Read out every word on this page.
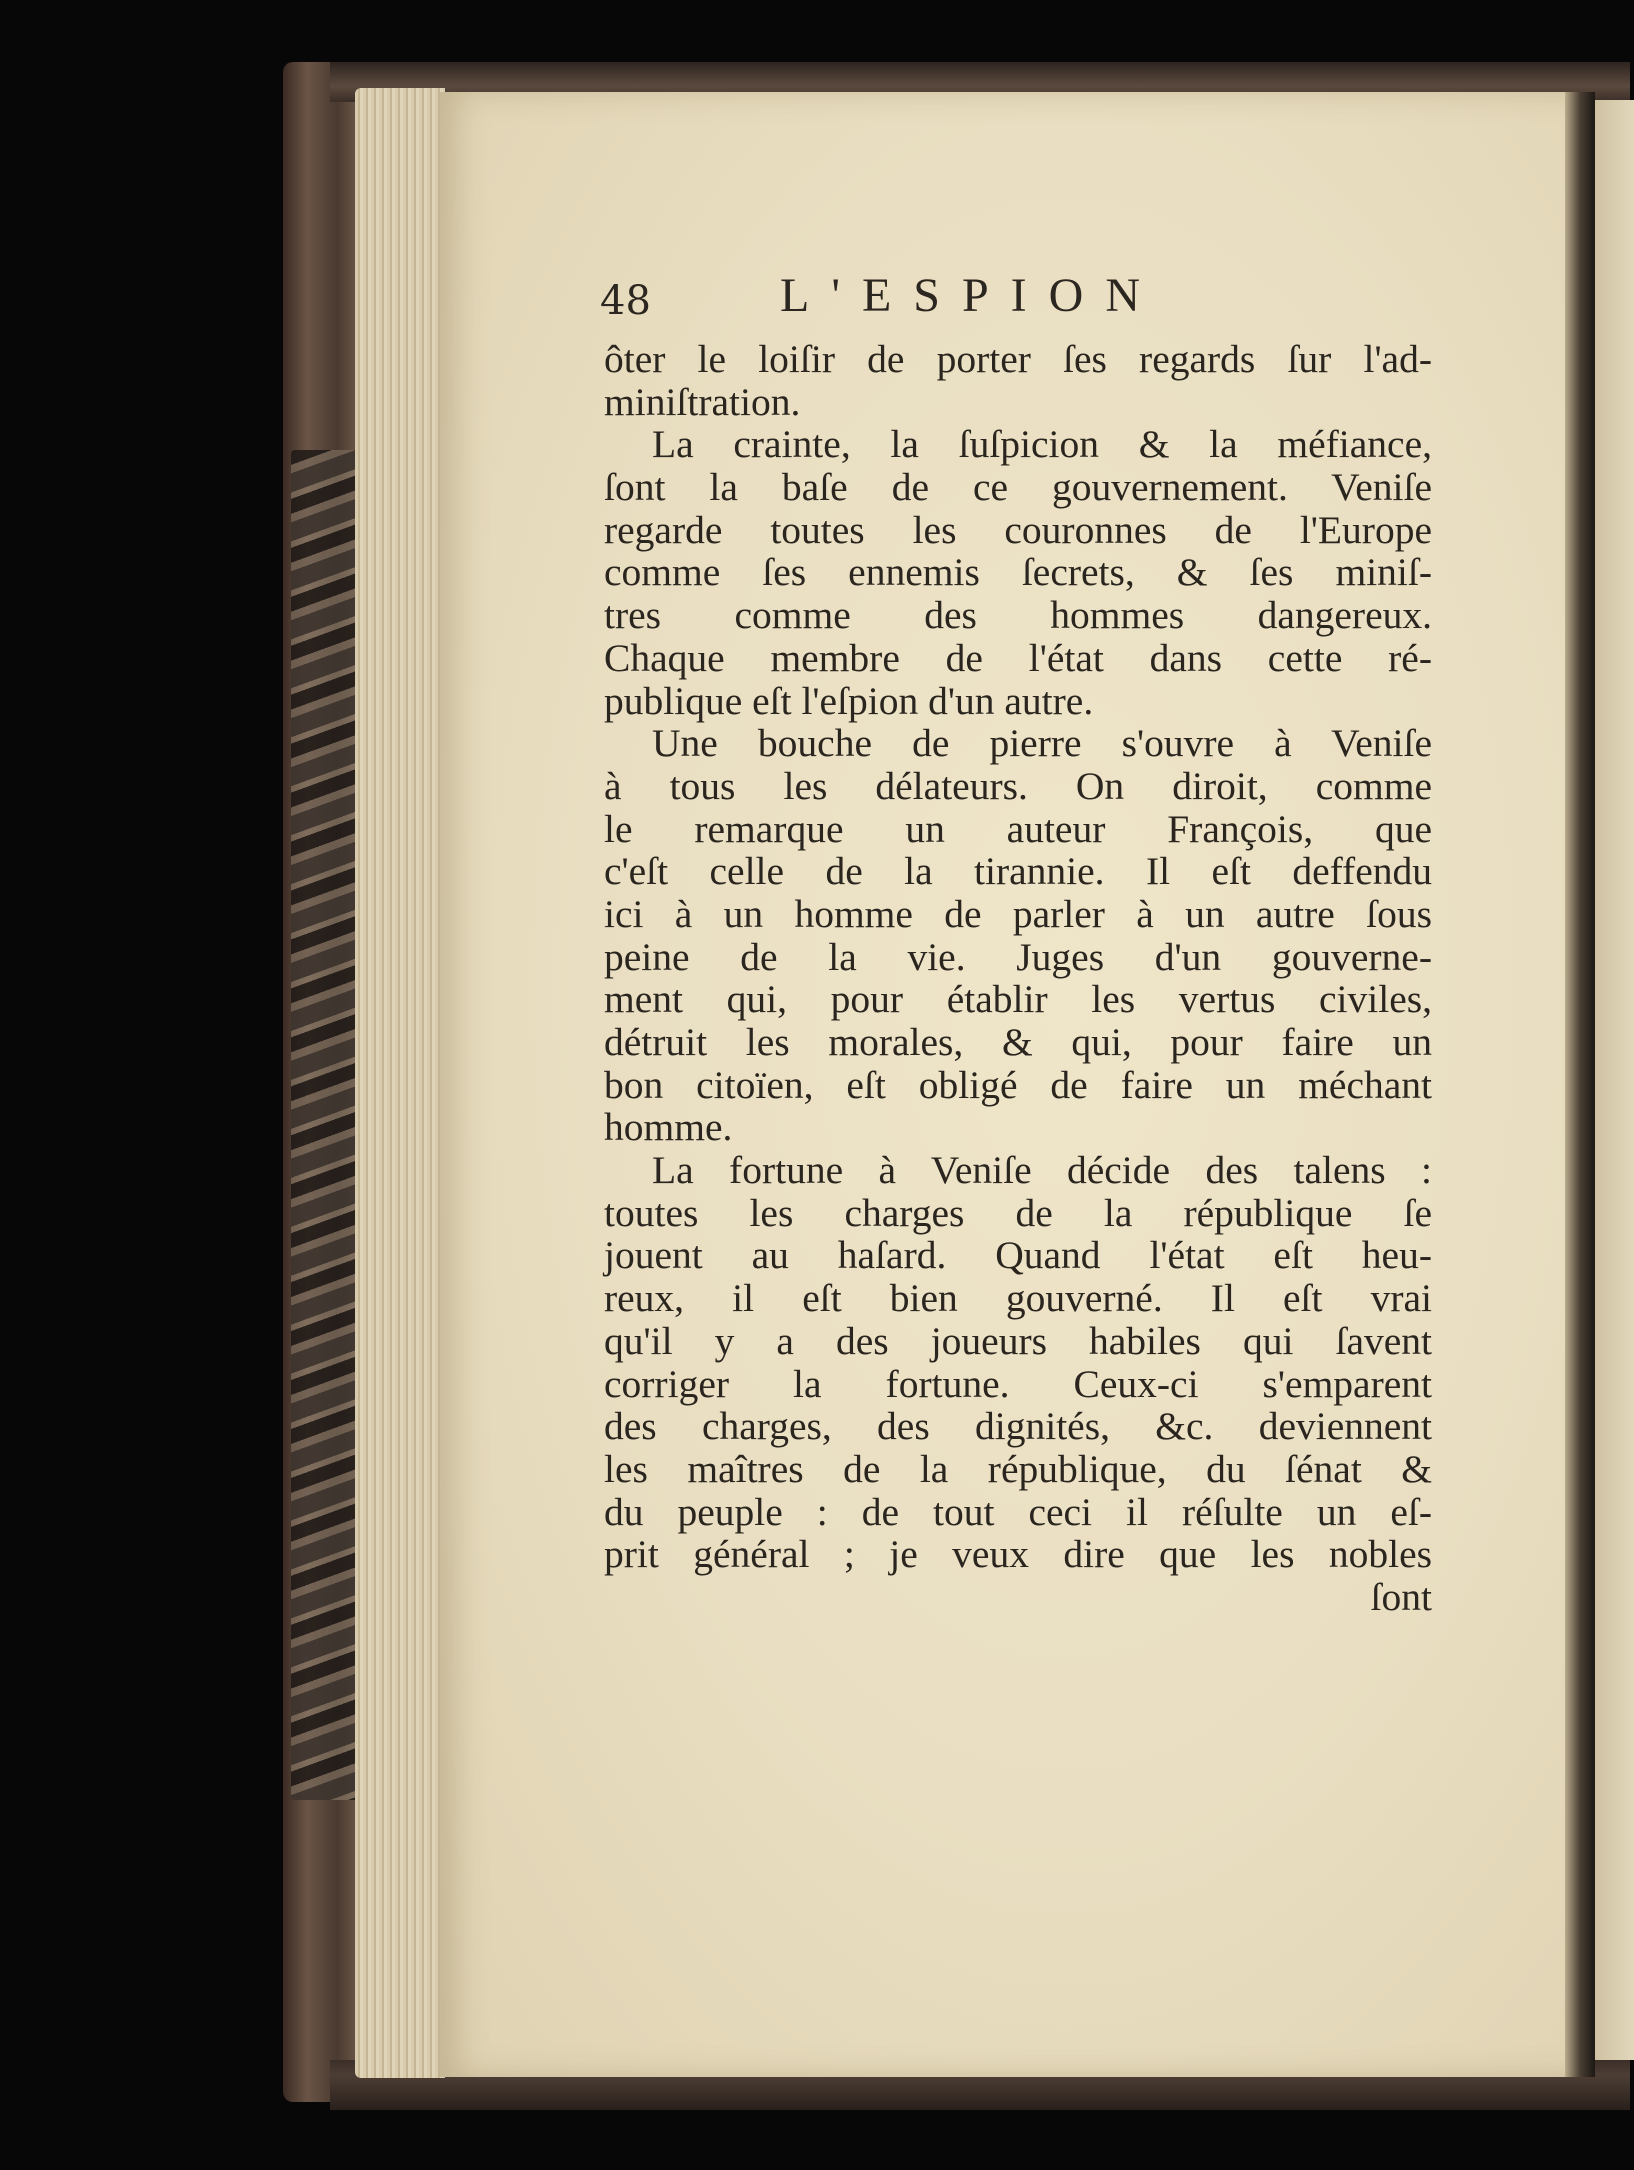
48	L'ESPION
ôter le loiſir de porter ſes regards ſur l'ad-
miniſtration.
La crainte, la ſuſpicion & la méfiance,
ſont la baſe de ce gouvernement. Veniſe
regarde toutes les couronnes de l'Europe
comme ſes ennemis ſecrets, & ſes miniſ-
tres comme des hommes dangereux.
Chaque membre de l'état dans cette ré-
publique eſt l'eſpion d'un autre.
Une bouche de pierre s'ouvre à Veniſe
à tous les délateurs. On diroit, comme
le remarque un auteur François, que
c'eſt celle de la tirannie. Il eſt deffendu
ici à un homme de parler à un autre ſous
peine de la vie. Juges d'un gouverne-
ment qui, pour établir les vertus civiles,
détruit les morales, & qui, pour faire un
bon citoïen, eſt obligé de faire un méchant
homme.
La fortune à Veniſe décide des talens :
toutes les charges de la république ſe
jouent au haſard. Quand l'état eſt heu-
reux, il eſt bien gouverné. Il eſt vrai
qu'il y a des joueurs habiles qui ſavent
corriger la fortune. Ceux-ci s'emparent
des charges, des dignités, &c. deviennent
les maîtres de la république, du ſénat &
du peuple : de tout ceci il réſulte un eſ-
prit général ; je veux dire que les nobles
ſont
